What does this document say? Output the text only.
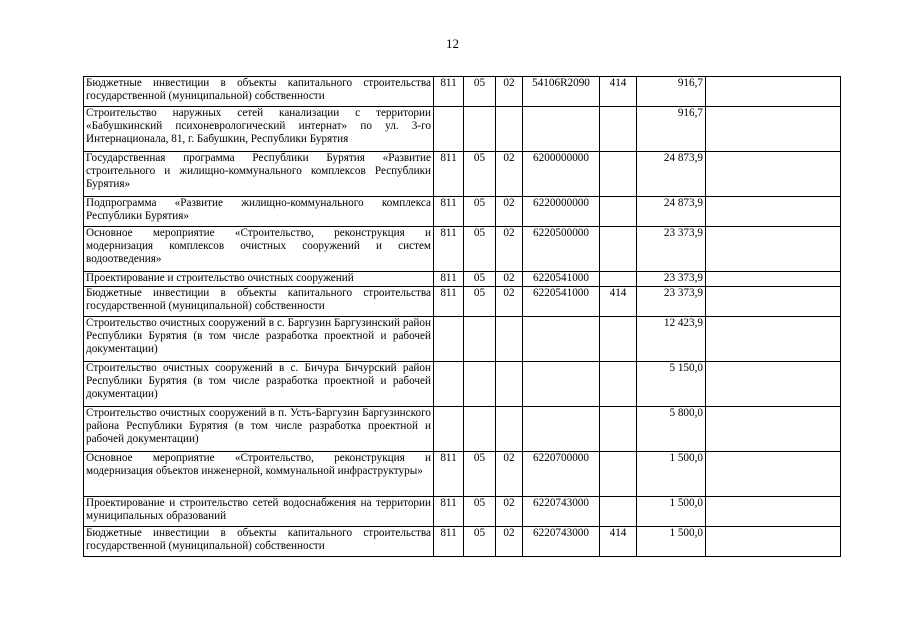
12
Бюджетные инвестиции в объекты капитального строительства государственной (муниципальной) собственности	811	05	02	54106R2090	414	916,7	
Строительство наружных сетей канализации с территории «Бабушкинский психоневрологический интернат» по ул. 3-го Интернационала, 81, г. Бабушкин, Республики Бурятия						916,7	
Государственная программа Республики Бурятия «Развитие строительного и жилищно-коммунального комплексов Республики Бурятия»	811	05	02	6200000000		24 873,9	
Подпрограмма «Развитие жилищно-коммунального комплекса Республики Бурятия»	811	05	02	6220000000		24 873,9	
Основное мероприятие «Строительство, реконструкция и модернизация комплексов очистных сооружений и систем водоотведения»	811	05	02	6220500000		23 373,9	
Проектирование и строительство очистных сооружений	811	05	02	6220541000		23 373,9	
Бюджетные инвестиции в объекты капитального строительства государственной (муниципальной) собственности	811	05	02	6220541000	414	23 373,9	
Строительство очистных сооружений в с. Баргузин Баргузинский район Республики Бурятия (в том числе разработка проектной и рабочей документации)						12 423,9	
Строительство очистных сооружений в с. Бичура Бичурский район Республики Бурятия (в том числе разработка проектной и рабочей документации)						5 150,0	
Строительство очистных сооружений в п. Усть-Баргузин Баргузинского района Республики Бурятия (в том числе разработка проектной и рабочей документации)						5 800,0	
Основное мероприятие «Строительство, реконструкция и модернизация объектов инженерной, коммунальной инфраструктуры»	811	05	02	6220700000		1 500,0	
Проектирование и строительство сетей водоснабжения на территории муниципальных образований	811	05	02	6220743000		1 500,0	
Бюджетные инвестиции в объекты капитального строительства государственной (муниципальной) собственности	811	05	02	6220743000	414	1 500,0	
